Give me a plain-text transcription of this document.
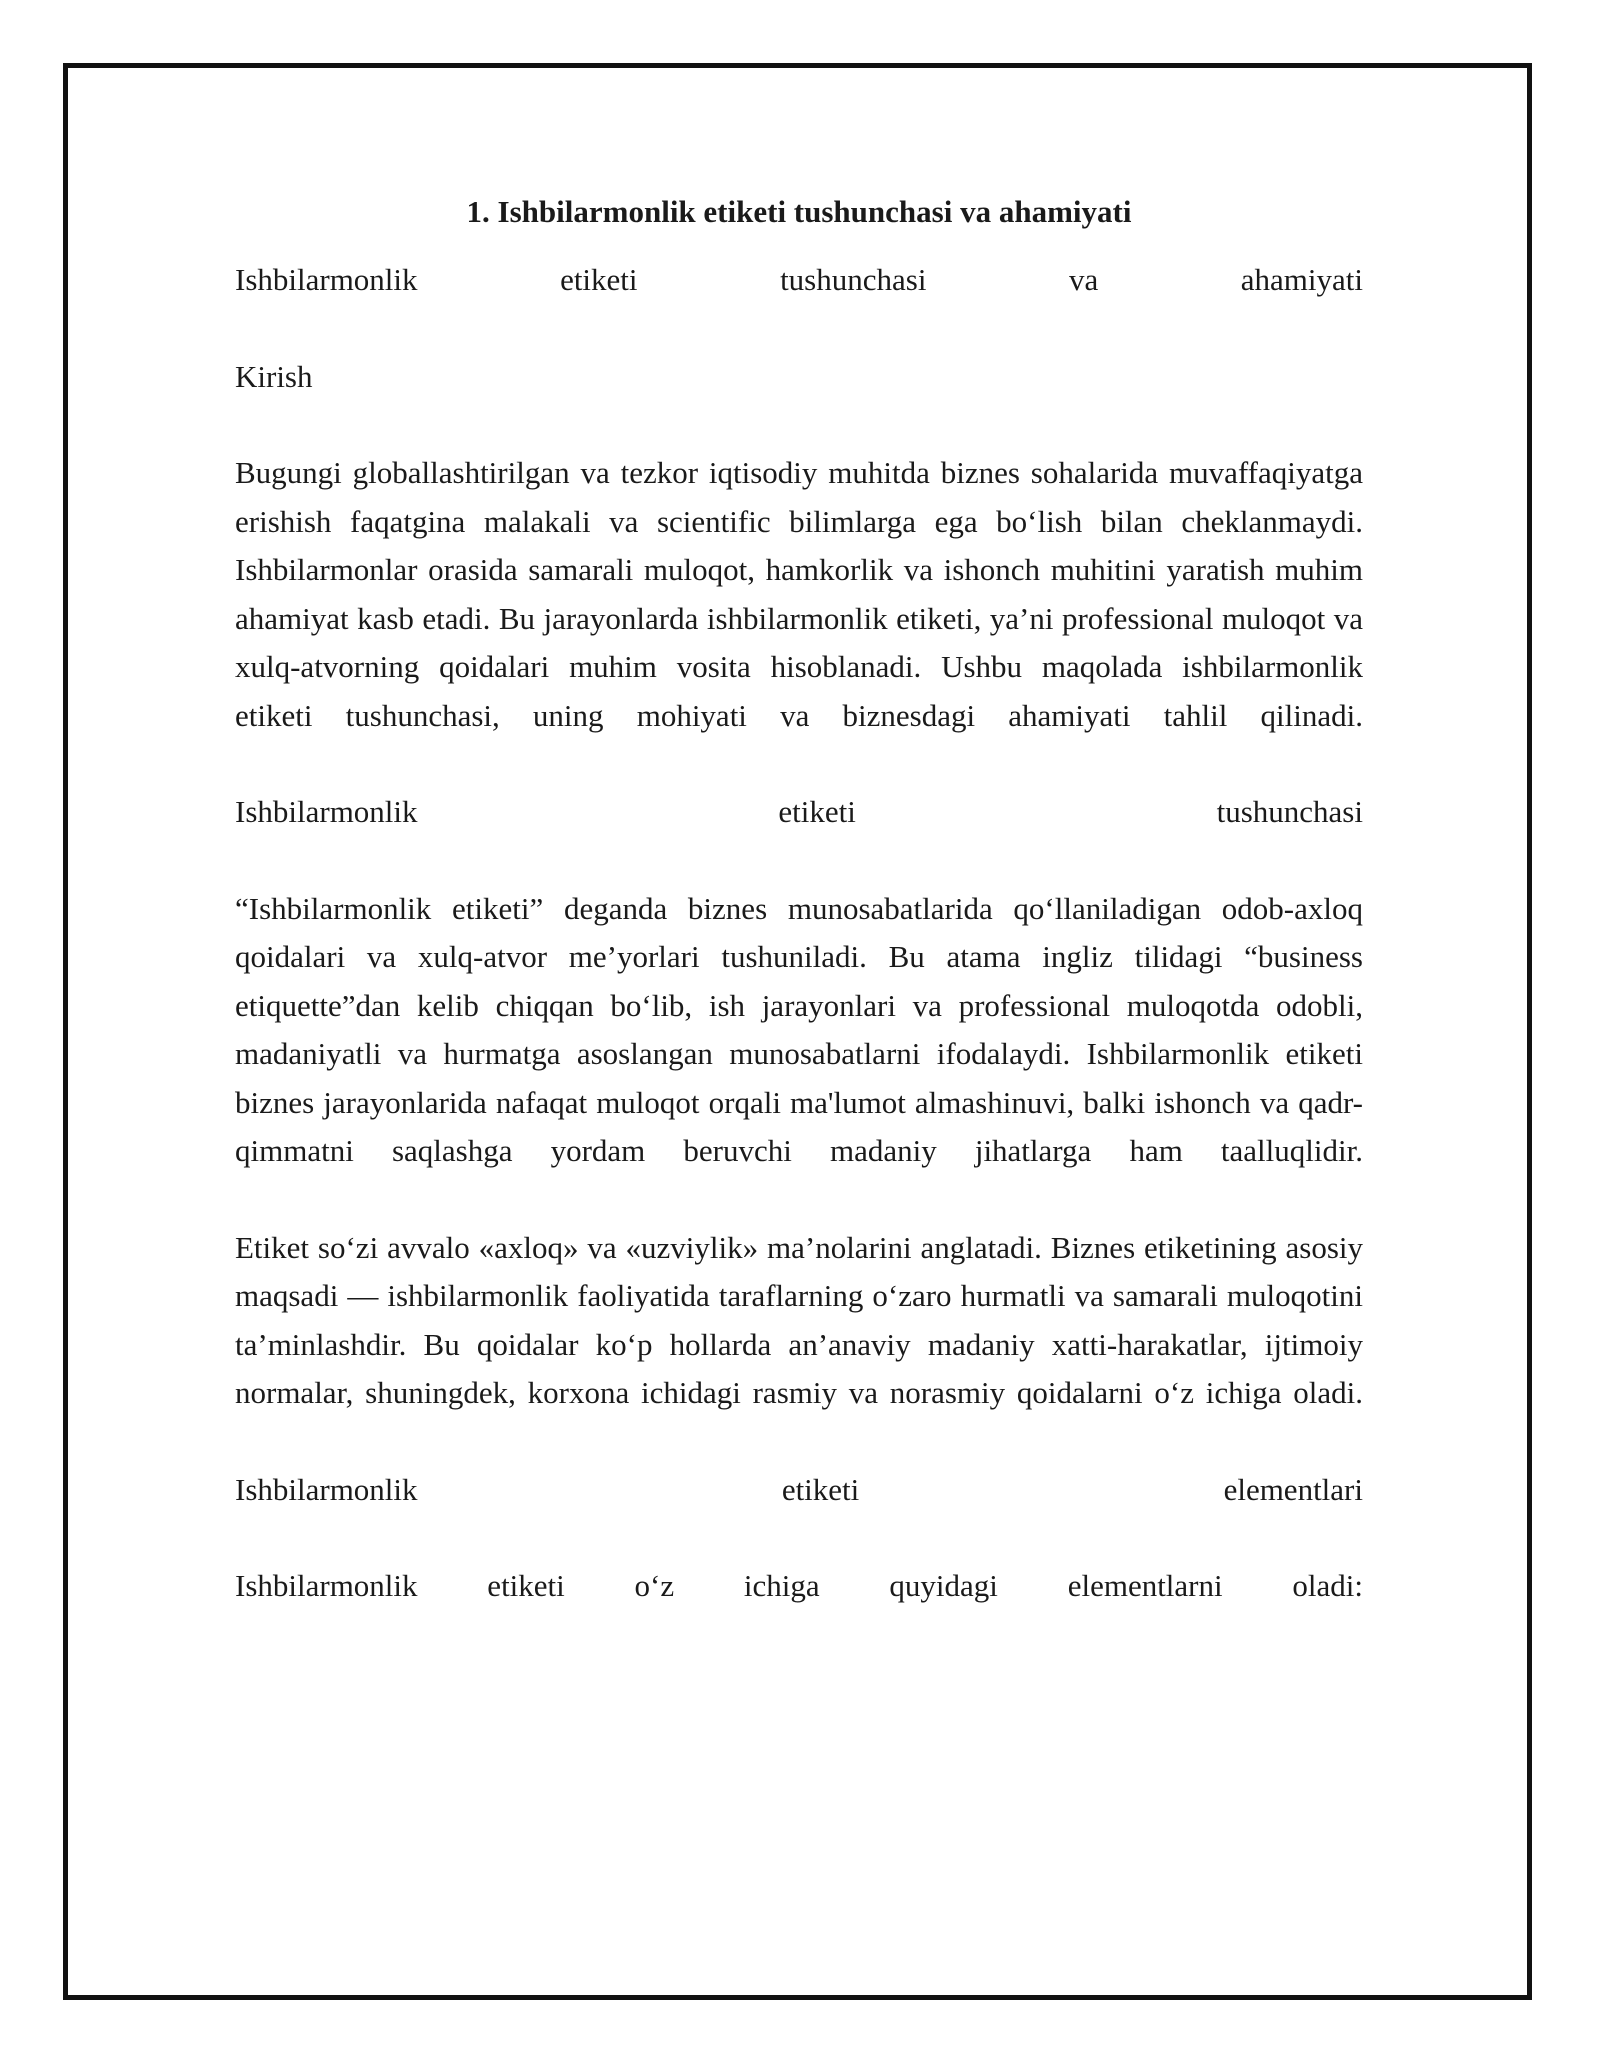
1. Ishbilarmonlik etiketi tushunchasi va ahamiyati

Ishbilarmonlik etiketi tushunchasi va ahamiyati

Kirish

Bugungi globallashtirilgan va tezkor iqtisodiy muhitda biznes sohalarida muvaffaqiyatga erishish faqatgina malakali va scientific bilimlarga ega bo‘lish bilan cheklanmaydi. Ishbilarmonlar orasida samarali muloqot, hamkorlik va ishonch muhitini yaratish muhim ahamiyat kasb etadi. Bu jarayonlarda ishbilarmonlik etiketi, ya’ni professional muloqot va xulq-atvorning qoidalari muhim vosita hisoblanadi. Ushbu maqolada ishbilarmonlik etiketi tushunchasi, uning mohiyati va biznesdagi ahamiyati tahlil qilinadi.

Ishbilarmonlik etiketi tushunchasi

“Ishbilarmonlik etiketi” deganda biznes munosabatlarida qo‘llaniladigan odob-axloq qoidalari va xulq-atvor me’yorlari tushuniladi. Bu atama ingliz tilidagi “business etiquette”dan kelib chiqqan bo‘lib, ish jarayonlari va professional muloqotda odobli, madaniyatli va hurmatga asoslangan munosabatlarni ifodalaydi. Ishbilarmonlik etiketi biznes jarayonlarida nafaqat muloqot orqali ma'lumot almashinuvi, balki ishonch va qadr-qimmatni saqlashga yordam beruvchi madaniy jihatlarga ham taalluqlidir.

Etiket so‘zi avvalo «axloq» va «uzviylik» ma’nolarini anglatadi. Biznes etiketining asosiy maqsadi — ishbilarmonlik faoliyatida taraflarning o‘zaro hurmatli va samarali muloqotini ta’minlashdir. Bu qoidalar ko‘p hollarda an’anaviy madaniy xatti-harakatlar, ijtimoiy normalar, shuningdek, korxona ichidagi rasmiy va norasmiy qoidalarni o‘z ichiga oladi.

Ishbilarmonlik etiketi elementlari

Ishbilarmonlik etiketi o‘z ichiga quyidagi elementlarni oladi:
